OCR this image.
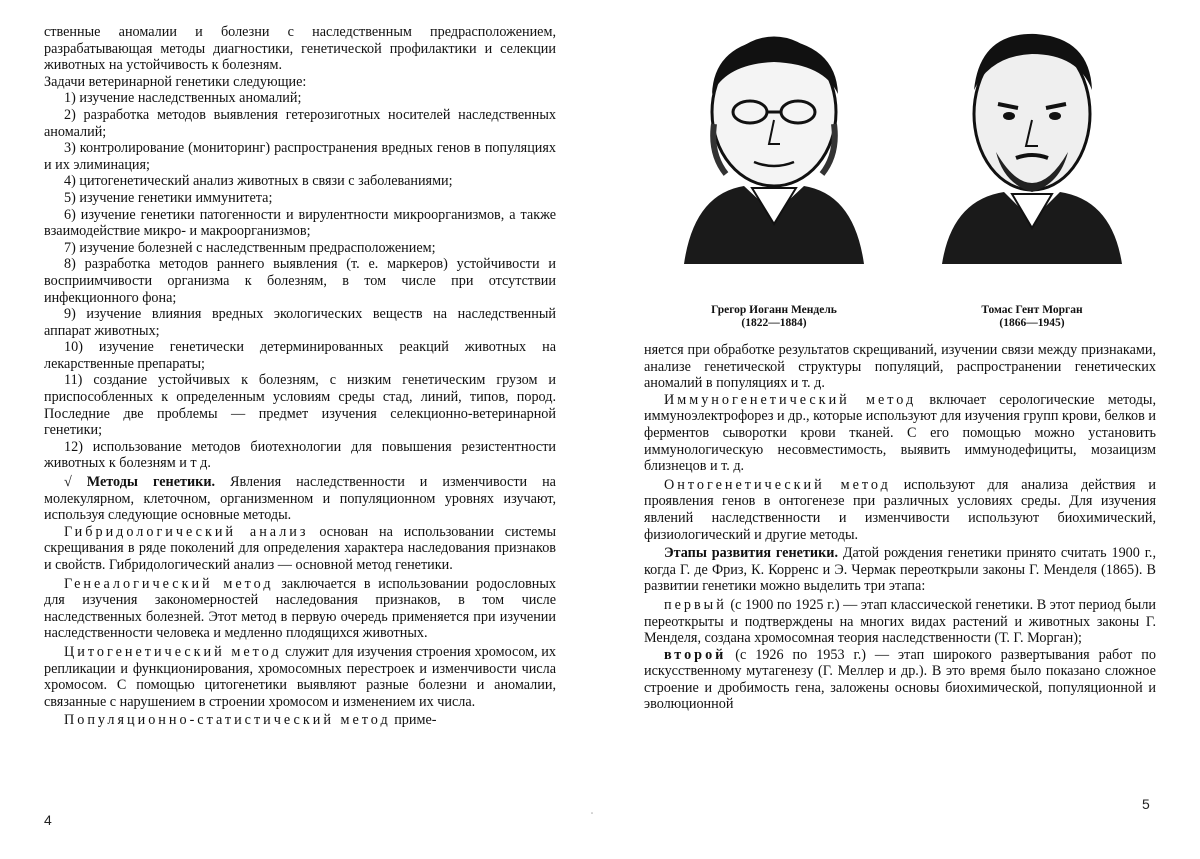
ственные аномалии и болезни с наследственным предрасположением, разрабатывающая методы диагностики, генетической профилактики и селекции животных на устойчивость к болезням.

Задачи ветеринарной генетики следующие:

1) изучение наследственных аномалий;

2) разработка методов выявления гетерозиготных носителей наследственных аномалий;

3) контролирование (мониторинг) распространения вредных генов в популяциях и их элиминация;

4) цитогенетический анализ животных в связи с заболеваниями;

5) изучение генетики иммунитета;

6) изучение генетики патогенности и вирулентности микроорганизмов, а также взаимодействие микро- и макроорганизмов;

7) изучение болезней с наследственным предрасположением;

8) разработка методов раннего выявления (т. е. маркеров) устойчивости и восприимчивости организма к болезням, в том числе при отсутствии инфекционного фона;

9) изучение влияния вредных экологических веществ на наследственный аппарат животных;

10) изучение генетически детерминированных реакций животных на лекарственные препараты;

11) создание устойчивых к болезням, с низким генетическим грузом и приспособленных к определенным условиям среды стад, линий, типов, пород. Последние две проблемы — предмет изучения селекционно-ветеринарной генетики;

12) использование методов биотехнологии для повышения резистентности животных к болезням и т д.

√ Методы генетики. Явления наследственности и изменчивости на молекулярном, клеточном, организменном и популяционном уровнях изучают, используя следующие основные методы.

Гибридологический анализ основан на использовании системы скрещивания в ряде поколений для определения характера наследования признаков и свойств. Гибридологический анализ — основной метод генетики.

Генеалогический метод заключается в использовании родословных для изучения закономерностей наследования признаков, в том числе наследственных болезней. Этот метод в первую очередь применяется при изучении наследственности человека и медленно плодящихся животных.

Цитогенетический метод служит для изучения строения хромосом, их репликации и функционирования, хромосомных перестроек и изменчивости числа хромосом. С помощью цитогенетики выявляют разные болезни и аномалии, связанные с нарушением в строении хромосом и изменением их числа.

Популяционно-статистический метод приме-

4	ׂ ׂ
Грегор Иоганн Мендель
(1822—1884)
Томас Гент Морган
(1866—1945)

няется при обработке результатов скрещиваний, изучении связи между признаками, анализе генетической структуры популяций, распространении генетических аномалий в популяциях и т. д.

Иммуногенетический метод включает серологические методы, иммуноэлектрофорез и др., которые используют для изучения групп крови, белков и ферментов сыворотки крови тканей. С его помощью можно установить иммунологическую несовместимость, выявить иммунодефициты, мозаицизм близнецов и т. д.

Онтогенетический метод используют для анализа действия и проявления генов в онтогенезе при различных условиях среды. Для изучения явлений наследственности и изменчивости используют биохимический, физиологический и другие методы.

Этапы развития генетики. Датой рождения генетики принято считать 1900 г., когда Г. де Фриз, К. Корренс и Э. Чермак переоткрыли законы Г. Менделя (1865). В развитии генетики можно выделить три этапа:

первый (с 1900 по 1925 г.) — этап классической генетики. В этот период были переоткрыты и подтверждены на многих видах растений и животных законы Г. Менделя, создана хромосомная теория наследственности (Т. Г. Морган);

второй (с 1926 по 1953 г.) — этап широкого развертывания работ по искусственному мутагенезу (Г. Меллер и др.). В это время было показано сложное строение и дробимость гена, заложены основы биохимической, популяционной и эволюционной

5
